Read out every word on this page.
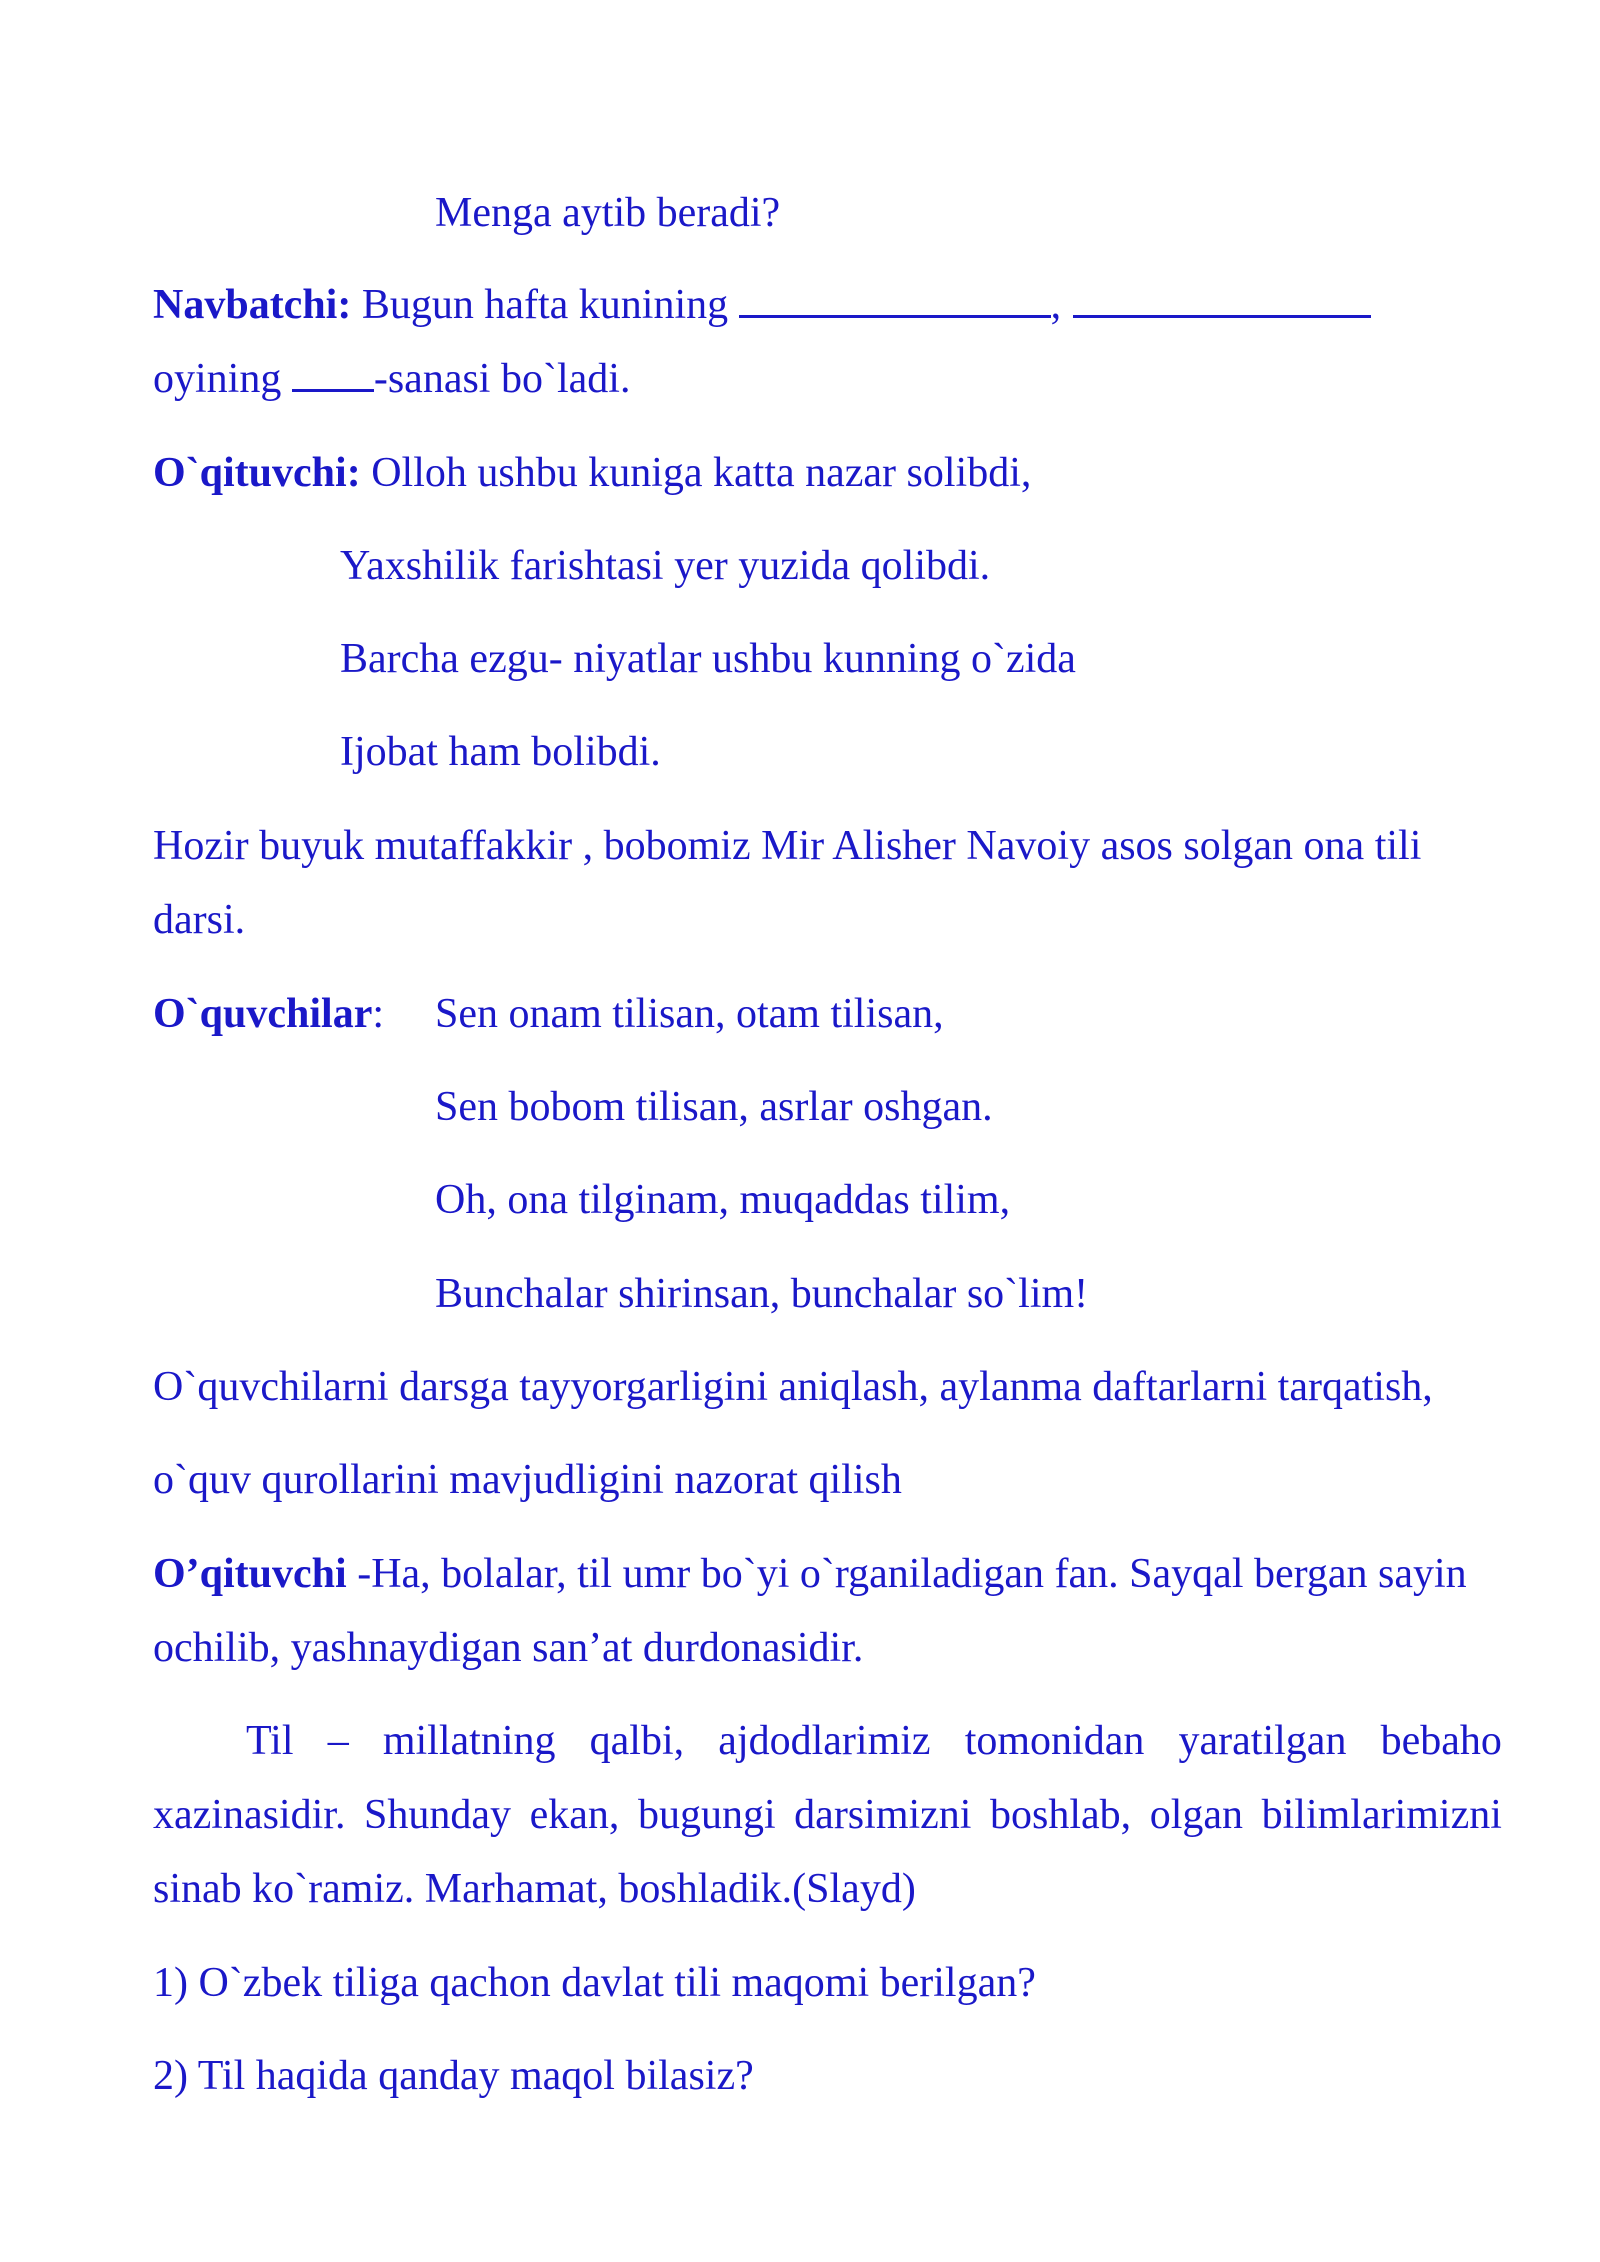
Menga aytib beradi?
Navbatchi: Bugun hafta kunining	,
oyining -sanasi bo`ladi.
O`qituvchi: Olloh ushbu kuniga katta nazar solibdi,
Yaxshilik farishtasi yer yuzida qolibdi.
Barcha ezgu- niyatlar ushbu kunning o`zida
Ijobat ham bolibdi.
Hozir buyuk mutaffakkir , bobomiz Mir Alisher Navoiy asos solgan ona tili
darsi.
O`quvchilar: Sen onam tilisan, otam tilisan,
Sen bobom tilisan, asrlar oshgan.
Oh, ona tilginam, muqaddas tilim,
Bunchalar shirinsan, bunchalar so`lim!
O`quvchilarni darsga tayyorgarligini aniqlash, aylanma daftarlarni tarqatish,
o`quv qurollarini mavjudligini nazorat qilish
O’qituvchi -Ha, bolalar, til umr bo`yi o`rganiladigan fan. Sayqal bergan sayin
ochilib, yashnaydigan san’at durdonasidir.
Til – millatning qalbi, ajdodlarimiz tomonidan yaratilgan bebaho
xazinasidir. Shunday ekan, bugungi darsimizni boshlab, olgan bilimlarimizni
sinab ko`ramiz. Marhamat, boshladik.(Slayd)
1) O`zbek tiliga qachon davlat tili maqomi berilgan?
2) Til haqida qanday maqol bilasiz?
